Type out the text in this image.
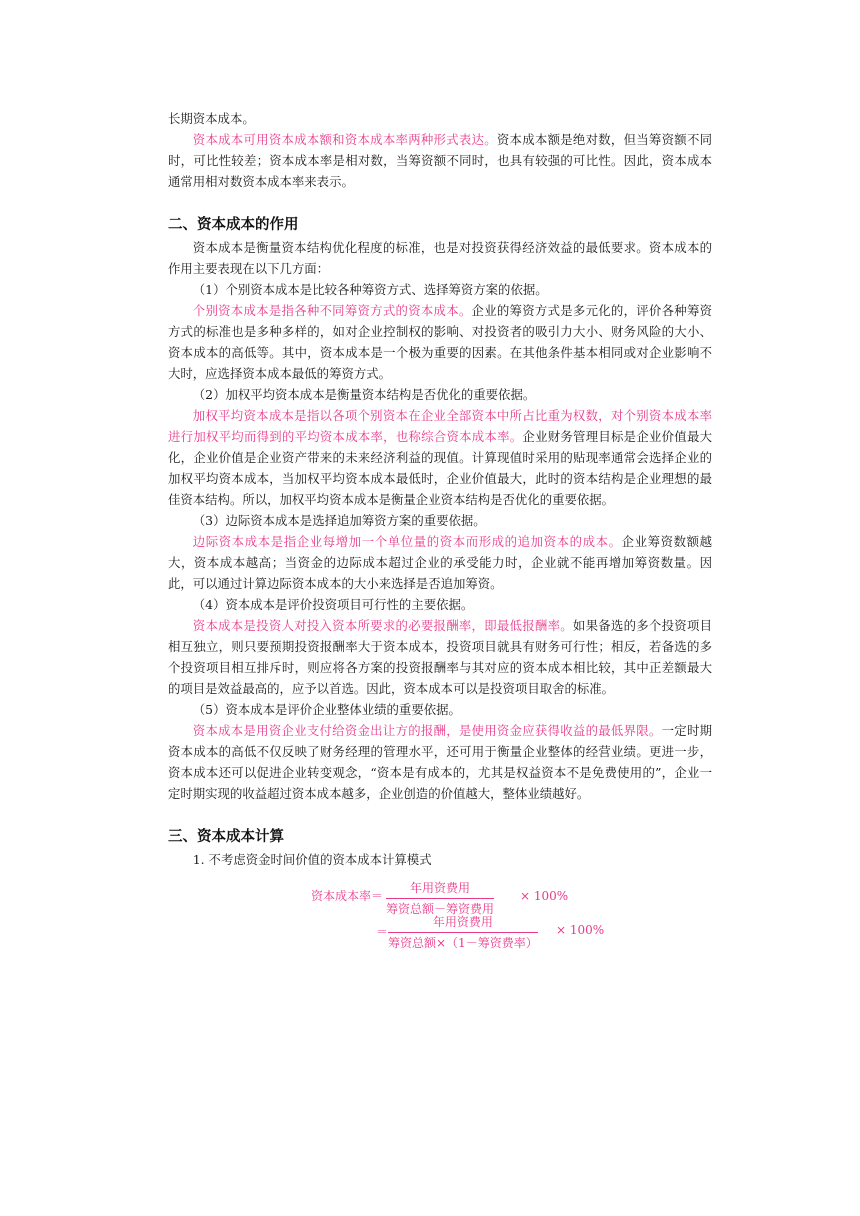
长期资本成本。

资本成本可用资本成本额和资本成本率两种形式表达。资本成本额是绝对数，但当筹资额不同时，可比性较差；资本成本率是相对数，当筹资额不同时，也具有较强的可比性。因此，资本成本通常用相对数资本成本率来表示。

二、资本成本的作用

资本成本是衡量资本结构优化程度的标准，也是对投资获得经济效益的最低要求。资本成本的作用主要表现在以下几方面：

（1）个别资本成本是比较各种筹资方式、选择筹资方案的依据。

个别资本成本是指各种不同筹资方式的资本成本。企业的筹资方式是多元化的，评价各种筹资方式的标准也是多种多样的，如对企业控制权的影响、对投资者的吸引力大小、财务风险的大小、资本成本的高低等。其中，资本成本是一个极为重要的因素。在其他条件基本相同或对企业影响不大时，应选择资本成本最低的筹资方式。

（2）加权平均资本成本是衡量资本结构是否优化的重要依据。

加权平均资本成本是指以各项个别资本在企业全部资本中所占比重为权数，对个别资本成本率进行加权平均而得到的平均资本成本率，也称综合资本成本率。企业财务管理目标是企业价值最大化，企业价值是企业资产带来的未来经济利益的现值。计算现值时采用的贴现率通常会选择企业的加权平均资本成本，当加权平均资本成本最低时，企业价值最大，此时的资本结构是企业理想的最佳资本结构。所以，加权平均资本成本是衡量企业资本结构是否优化的重要依据。

（3）边际资本成本是选择追加筹资方案的重要依据。

边际资本成本是指企业每增加一个单位量的资本而形成的追加资本的成本。企业筹资数额越大，资本成本越高；当资金的边际成本超过企业的承受能力时，企业就不能再增加筹资数量。因此，可以通过计算边际资本成本的大小来选择是否追加筹资。

（4）资本成本是评价投资项目可行性的主要依据。

资本成本是投资人对投入资本所要求的必要报酬率，即最低报酬率。如果备选的多个投资项目相互独立，则只要预期投资报酬率大于资本成本，投资项目就具有财务可行性；相反，若备选的多个投资项目相互排斥时，则应将各方案的投资报酬率与其对应的资本成本相比较，其中正差额最大的项目是效益最高的，应予以首选。因此，资本成本可以是投资项目取舍的标准。

（5）资本成本是评价企业整体业绩的重要依据。

资本成本是用资企业支付给资金出让方的报酬，是使用资金应获得收益的最低界限。一定时期资本成本的高低不仅反映了财务经理的管理水平，还可用于衡量企业整体的经营业绩。更进一步，资本成本还可以促进企业转变观念，“资本是有成本的，尤其是权益资本不是免费使用的”，企业一定时期实现的收益超过资本成本越多，企业创造的价值越大，整体业绩越好。

三、资本成本计算

1. 不考虑资金时间价值的资本成本计算模式

资本成本率＝
年用资费用
筹资总额－筹资费用
× 100%
＝
年用资费用
筹资总额×（1－筹资费率）
× 100%
